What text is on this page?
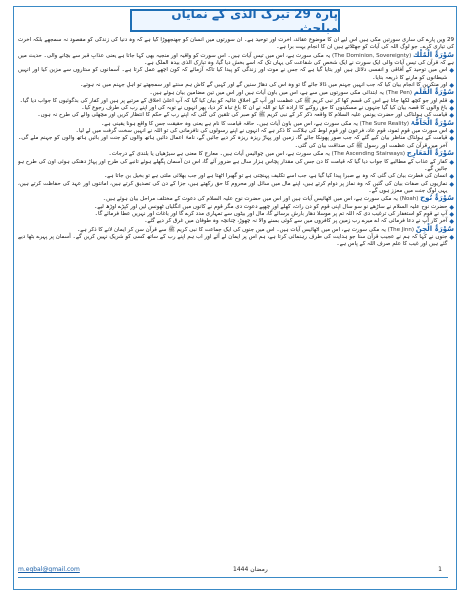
پارہ 29 تبرک الذی کے نمایاں مباحث

29 ویں پارے کی ساری سورتیں مکی ہیں اس لیے ان کا موضوع عقائد، آخرت اور توحید ہے۔ ان سورتوں میں انسان کو جھنجھوڑا گیا ہے کہ وہ دنیا کی زندگی کو مقصود نہ سمجھے بلکہ آخرت کی تیاری کرے۔ جو لوگ اللہ کی آیات کو جھٹلاتے ہیں ان کا انجام بہت برا ہے۔

سُوْرَۃُ الْمُلْك (The Dominion, Sovereignty) یہ مکی سورت ہے، اس میں تیس آیات ہیں۔ اس سورت کو واقیہ اور منجیہ بھی کہا جاتا ہے یعنی عذابِ قبر سے بچانے والی۔ حدیث میں ہے کہ قرآن کی تیس آیات والی ایک سورت نے ایک شخص کی شفاعت کی یہاں تک کہ اسے بخش دیا گیا، وہ تبارک الذی بیدہ الملک ہے۔

◆
اس میں توحید کے آفاقی و انفسی دلائل ہیں اور بتایا گیا ہے کہ جس نے موت اور زندگی کو پیدا کیا تاکہ آزمائے کہ کون اچھے عمل کرتا ہے۔ آسمانوں کو ستاروں سے مزین کیا اور انہیں شیطانوں کو مارنے کا ذریعہ بنایا۔
◆
اور منکرین کا انجام بیان کیا کہ جب انہیں جہنم میں ڈالا جائے گا تو وہ اس کی دھاڑ سنیں گے اور کہیں گے کاش ہم سنتے اور سمجھتے تو اہلِ جہنم میں نہ ہوتے۔

سُوْرَۃُ الْقَلَم (The Pen) یہ ابتدائی مکی سورتوں میں سے ہے، اس میں باون آیات ہیں اور اس میں تین مضامین بیان ہوئے ہیں۔

◆
قلم اور جو کچھ لکھا جاتا ہے اس کی قسم کھا کر نبی کریم ﷺ کی عظمت اور آپ کے اخلاقِ عالیہ کو بیان کیا گیا کہ آپ اعلیٰ اخلاق کے مرتبے پر ہیں اور کفار کی بدگوئیوں کا جواب دیا گیا۔
◆
باغ والوں کا قصہ بیان کیا گیا جنہوں نے مسکینوں کا حق روکنے کا ارادہ کیا تو اللہ نے ان کا باغ تباہ کر دیا، پھر انہوں نے توبہ کی اور اپنے رب کی طرف رجوع کیا۔
◆
قیامت کی ہولناکی اور حضرت یونس علیہ السلام کا واقعہ ذکر کر کے نبی کریم ﷺ کو صبر کی تلقین کی گئی کہ اپنے رب کے حکم کا انتظار کریں اور مچھلی والے کی طرح نہ ہوں۔

سُوْرَۃُ الْحَآقَّۃ (The Sure Reality) یہ مکی سورت ہے، اس میں باون آیات ہیں۔ حاقہ قیامت کا نام ہے یعنی وہ حقیقت جس کا واقع ہونا یقینی ہے۔

◆
اس سورت میں قومِ ثمود، قومِ عاد، فرعون اور قومِ لوط کی ہلاکت کا ذکر ہے کہ انہوں نے اپنے رسولوں کی نافرمانی کی تو اللہ نے انہیں سخت گرفت میں لے لیا۔
◆
قیامت کے ہولناک مناظر بیان کیے گئے کہ جب صور پھونکا جائے گا، زمین اور پہاڑ ریزہ ریزہ کر دیے جائیں گے، نامۂ اعمال دائیں ہاتھ والوں کو جنت اور بائیں ہاتھ والوں کو جہنم ملے گی۔ آخر میں قرآن کی عظمت اور رسول ﷺ کی صداقت بیان کی گئی۔

سُوْرَۃُ الْمَعَارِج (The Ascending Stairways) یہ مکی سورت ہے، اس میں چوالیس آیات ہیں۔ معارج کا معنی ہے سیڑھیاں یا بلندی کے درجات۔

◆
کفار کے عذاب کے مطالبے کا جواب دیا گیا کہ قیامت کا دن جس کی مقدار پچاس ہزار سال ہے ضرور آئے گا، اس دن آسمان پگھلے ہوئے تانبے کی طرح اور پہاڑ دھنکی ہوئی اون کی طرح ہو جائیں گے۔
◆
انسان کی فطرت بیان کی گئی کہ وہ بے صبرا پیدا کیا گیا ہے، جب اسے تکلیف پہنچتی ہے تو گھبرا اٹھتا ہے اور جب بھلائی ملتی ہے تو بخیل بن جاتا ہے۔
◆
نمازیوں کی صفات بیان کی گئیں کہ وہ نماز پر دوام کرتے ہیں، اپنے مال میں سائل اور محروم کا حق رکھتے ہیں، جزا کے دن کی تصدیق کرتے ہیں، امانتوں اور عہد کی حفاظت کرتے ہیں، یہی لوگ جنت میں معزز ہوں گے۔

سُوْرَۃُ نُوح (Noah) یہ مکی سورت ہے، اس میں اٹھائیس آیات ہیں اور اس میں حضرت نوح علیہ السلام کی دعوت کے مختلف مراحل بیان ہوئے ہیں۔

◆
حضرت نوح علیہ السلام نے ساڑھے نو سو سال اپنی قوم کو دن رات، کھلے اور چھپے دعوت دی مگر قوم نے کانوں میں انگلیاں ٹھونس لیں اور کپڑے اوڑھ لیے۔
◆
آپ نے قوم کو استغفار کی ترغیب دی کہ اللہ تم پر موسلا دھار بارش برسائے گا، مال اور بیٹوں سے تمہاری مدد کرے گا اور باغات اور نہریں عطا فرمائے گا۔
◆
آخر کار آپ نے دعا فرمائی کہ اے میرے رب زمین پر کافروں میں سے کوئی بسنے والا نہ چھوڑ، چنانچہ وہ طوفان میں غرق کر دیے گئے۔

سُوْرَۃُ الْجِنّ (The Jinn) یہ مکی سورت ہے، اس میں اٹھائیس آیات ہیں۔ اس میں جنوں کی ایک جماعت کا نبی کریم ﷺ سے قرآن سن کر ایمان لانے کا ذکر ہے۔

◆
جنوں نے کہا کہ ہم نے عجیب قرآن سنا جو ہدایت کی طرف رہنمائی کرتا ہے، ہم اس پر ایمان لے آئے اور اب ہم اپنے رب کے ساتھ کسی کو شریک نہیں کریں گے۔ آسمان پر پہرے بٹھا دیے گئے ہیں اور غیب کا علم صرف اللہ کے پاس ہے۔
m.eqbal@gmail.com	رمضان 1444	1
